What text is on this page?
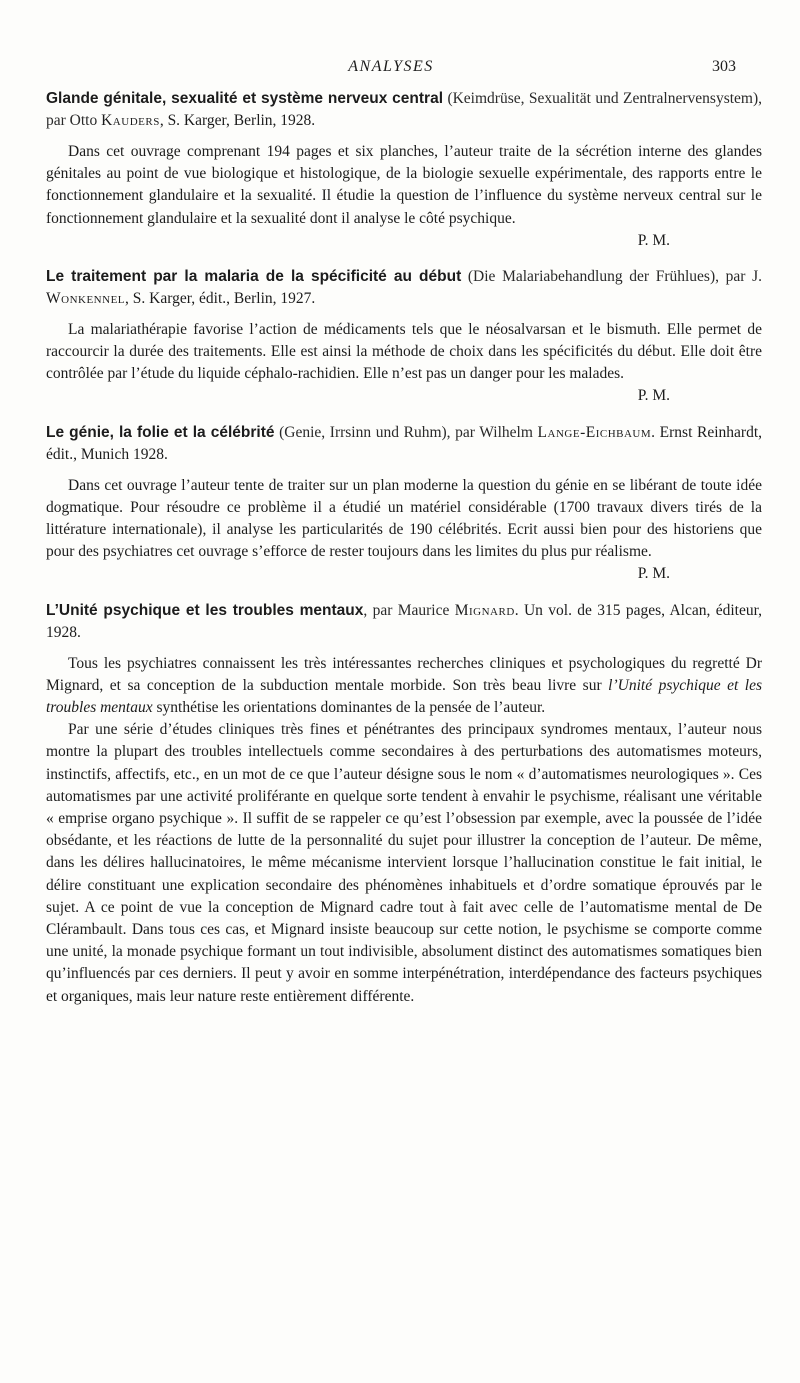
ANALYSES	303

Glande génitale, sexualité et système nerveux central (Keimdrüse, Sexualität und Zentralnervensystem), par Otto Kauders, S. Karger, Berlin, 1928.

Dans cet ouvrage comprenant 194 pages et six planches, l’auteur traite de la sécrétion interne des glandes génitales au point de vue biologique et histologique, de la biologie sexuelle expérimentale, des rapports entre le fonctionnement glandulaire et la sexualité. Il étudie la question de l’influence du système nerveux central sur le fonctionnement glandulaire et la sexualité dont il analyse le côté psychique.

P. M.

Le traitement par la malaria de la spécificité au début (Die Malariabehandlung der Frühlues), par J. Wonkennel, S. Karger, édit., Berlin, 1927.

La malariathérapie favorise l’action de médicaments tels que le néosalvarsan et le bismuth. Elle permet de raccourcir la durée des traitements. Elle est ainsi la méthode de choix dans les spécificités du début. Elle doit être contrôlée par l’étude du liquide céphalo-rachidien. Elle n’est pas un danger pour les malades.
P. M.

Le génie, la folie et la célébrité (Genie, Irrsinn und Ruhm), par Wilhelm Lange-Eichbaum. Ernst Reinhardt, édit., Munich 1928.

Dans cet ouvrage l’auteur tente de traiter sur un plan moderne la question du génie en se libérant de toute idée dogmatique. Pour résoudre ce problème il a étudié un matériel considérable (1700 travaux divers tirés de la littérature internationale), il analyse les particularités de 190 célébrités. Ecrit aussi bien pour des historiens que pour des psychiatres cet ouvrage s’efforce de rester toujours dans les limites du plus pur réalisme.
P. M.

L’Unité psychique et les troubles mentaux, par Maurice Mignard. Un vol. de 315 pages, Alcan, éditeur, 1928.

Tous les psychiatres connaissent les très intéressantes recherches cliniques et psychologiques du regretté Dr Mignard, et sa conception de la subduction mentale morbide. Son très beau livre sur l’Unité psychique et les troubles mentaux synthétise les orientations dominantes de la pensée de l’auteur.

Par une série d’études cliniques très fines et pénétrantes des principaux syndromes mentaux, l’auteur nous montre la plupart des troubles intellectuels comme secondaires à des perturbations des automatismes moteurs, instinctifs, affectifs, etc., en un mot de ce que l’auteur désigne sous le nom « d’automatismes neurologiques ». Ces automatismes par une activité proliférante en quelque sorte tendent à envahir le psychisme, réalisant une véritable « emprise organo psychique ». Il suffit de se rappeler ce qu’est l’obsession par exemple, avec la poussée de l’idée obsédante, et les réactions de lutte de la personnalité du sujet pour illustrer la conception de l’auteur. De même, dans les délires hallucinatoires, le même mécanisme intervient lorsque l’hallucination constitue le fait initial, le délire constituant une explication secondaire des phénomènes inhabituels et d’ordre somatique éprouvés par le sujet. A ce point de vue la conception de Mignard cadre tout à fait avec celle de l’automatisme mental de De Clérambault. Dans tous ces cas, et Mignard insiste beaucoup sur cette notion, le psychisme se comporte comme une unité, la monade psychique formant un tout indivisible, absolument distinct des automatismes somatiques bien qu’influencés par ces derniers. Il peut y avoir en somme interpénétration, interdépendance des facteurs psychiques et organiques, mais leur nature reste entièrement différente.
